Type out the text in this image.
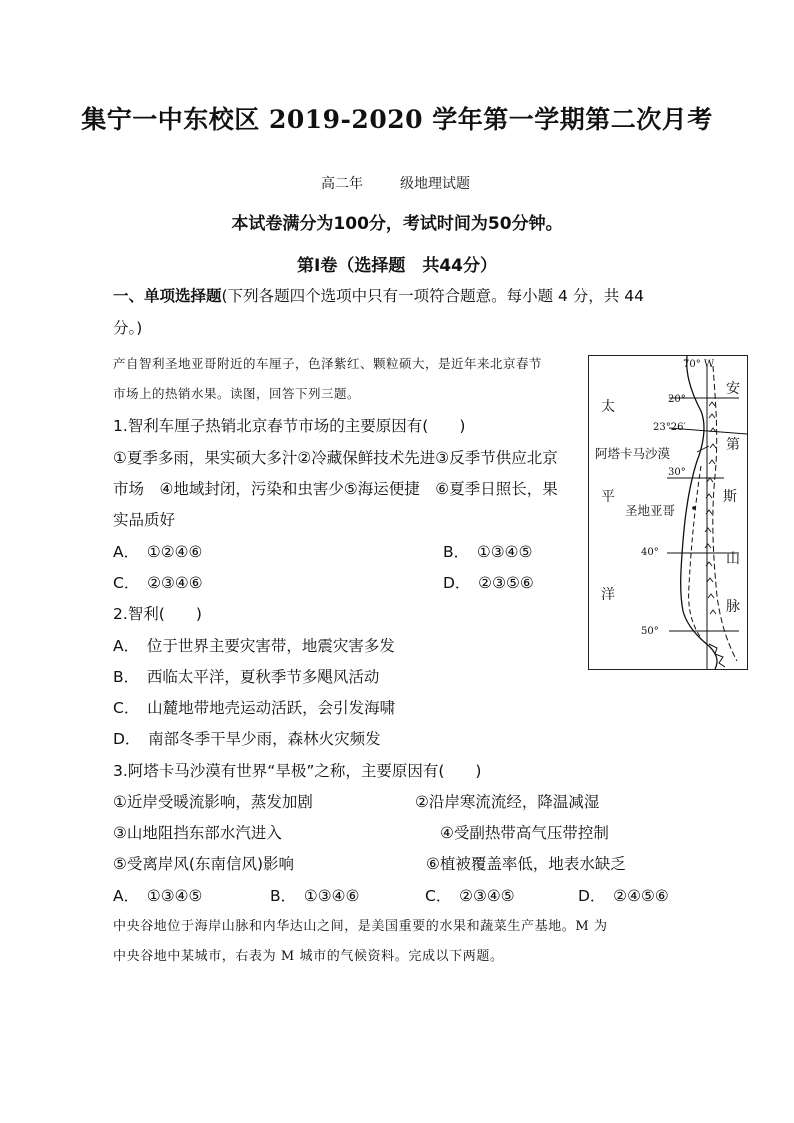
集宁一中东校区 2019-2020 学年第一学期第二次月考
高二年	级地理试题
本试卷满分为100分，考试时间为50分钟。
第Ⅰ卷（选择题　共44分）
一、单项选择题(下列各题四个选项中只有一项符合题意。每小题 4 分，共 44
分。)
产自智利圣地亚哥附近的车厘子，色泽紫红、颗粒硕大，是近年来北京春节
市场上的热销水果。读图，回答下列三题。
1.智利车厘子热销北京春节市场的主要原因有(　　)
①夏季多雨，果实硕大多汁②冷藏保鲜技术先进③反季节供应北京
市场　④地域封闭，污染和虫害少⑤海运便捷　⑥夏季日照长，果
实品质好
A．　①②④⑥	B．　①③④⑤
C．　②③④⑥	D．　②③⑤⑥
2.智利(　　)
A．　位于世界主要灾害带，地震灾害多发
B．　西临太平洋，夏秋季节多飓风活动
C．　山麓地带地壳运动活跃，会引发海啸
D．　南部冬季干旱少雨，森林火灾频发
3.阿塔卡马沙漠有世界“旱极”之称，主要原因有(　　)
①近岸受暖流影响，蒸发加剧	②沿岸寒流流经，降温减湿
③山地阻挡东部水汽进入	④受副热带高气压带控制
⑤受离岸风(东南信风)影响	⑥植被覆盖率低，地表水缺乏
A．　①③④⑤	B．　①③④⑥	C．　②③④⑤	D．　②④⑤⑥
中央谷地位于海岸山脉和内华达山之间，是美国重要的水果和蔬菜生产基地。M 为
中央谷地中某城市，右表为 M 城市的气候资料。完成以下两题。
70° W
20°
23°26′
30°
40°
50°
太
平
洋
阿塔卡马沙漠
圣地亚哥
安
第
斯
山
脉
